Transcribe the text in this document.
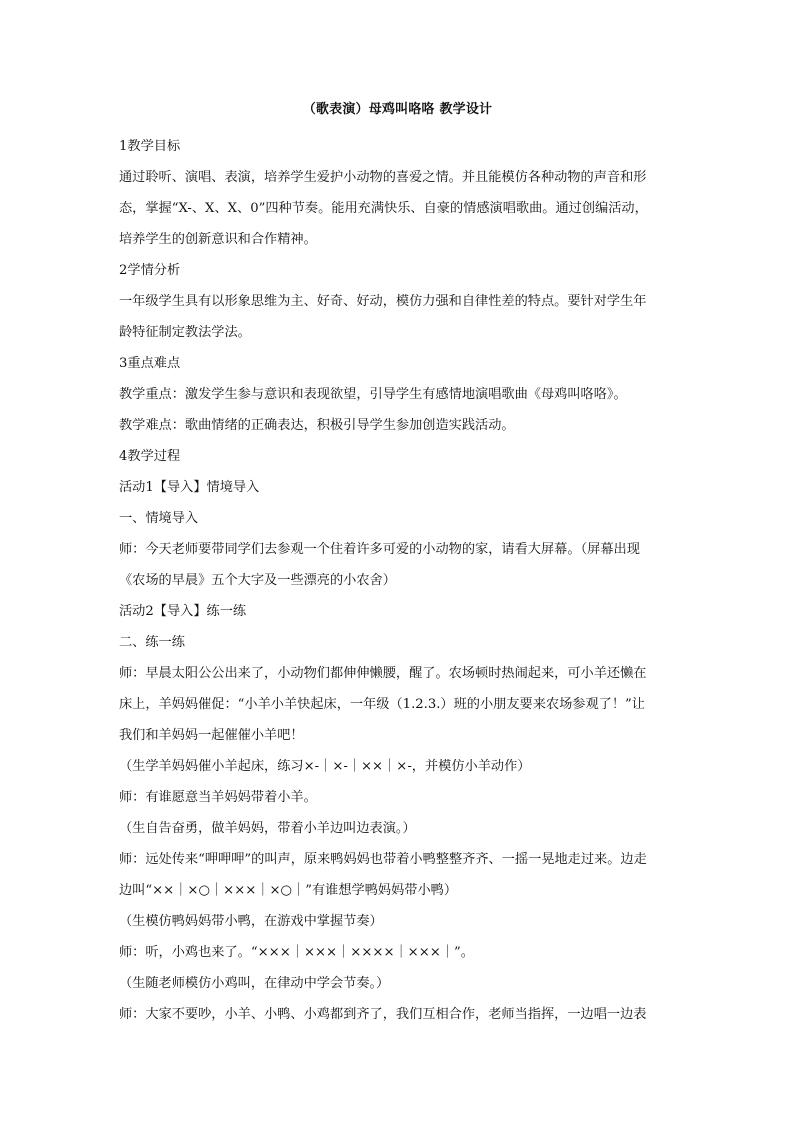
（歌表演）母鸡叫咯咯 教学设计

1教学目标

通过聆听、演唱、表演，培养学生爱护小动物的喜爱之情。并且能模仿各种动物的声音和形

态，掌握“X-、X、X、0”四种节奏。能用充满快乐、自豪的情感演唱歌曲。通过创编活动，

培养学生的创新意识和合作精神。

2学情分析

一年级学生具有以形象思维为主、好奇、好动，模仿力强和自律性差的特点。要针对学生年

龄特征制定教法学法。

3重点难点

教学重点：激发学生参与意识和表现欲望，引导学生有感情地演唱歌曲《母鸡叫咯咯》。

教学难点：歌曲情绪的正确表达，积极引导学生参加创造实践活动。

4教学过程

活动1【导入】情境导入

一、情境导入

师：今天老师要带同学们去参观一个住着许多可爱的小动物的家，请看大屏幕。（屏幕出现

《农场的早晨》五个大字及一些漂亮的小农舍）

活动2【导入】练一练

二、练一练

师：早晨太阳公公出来了，小动物们都伸伸懒腰，醒了。农场顿时热闹起来，可小羊还懒在

床上，羊妈妈催促：“小羊小羊快起床，一年级（1.2.3.）班的小朋友要来农场参观了！”让

我们和羊妈妈一起催催小羊吧！

（生学羊妈妈催小羊起床，练习×-｜×-｜××｜×-，并模仿小羊动作）

师：有谁愿意当羊妈妈带着小羊。

（生自告奋勇，做羊妈妈，带着小羊边叫边表演。）

师：远处传来“呷呷呷”的叫声，原来鸭妈妈也带着小鸭整整齐齐、一摇一晃地走过来。边走

边叫“××｜×○｜×××｜×○｜”有谁想学鸭妈妈带小鸭）

（生模仿鸭妈妈带小鸭，在游戏中掌握节奏）

师：听，小鸡也来了。“×××｜×××｜××××｜×××｜”。

（生随老师模仿小鸡叫，在律动中学会节奏。）

师：大家不要吵，小羊、小鸭、小鸡都到齐了，我们互相合作，老师当指挥，一边唱一边表
